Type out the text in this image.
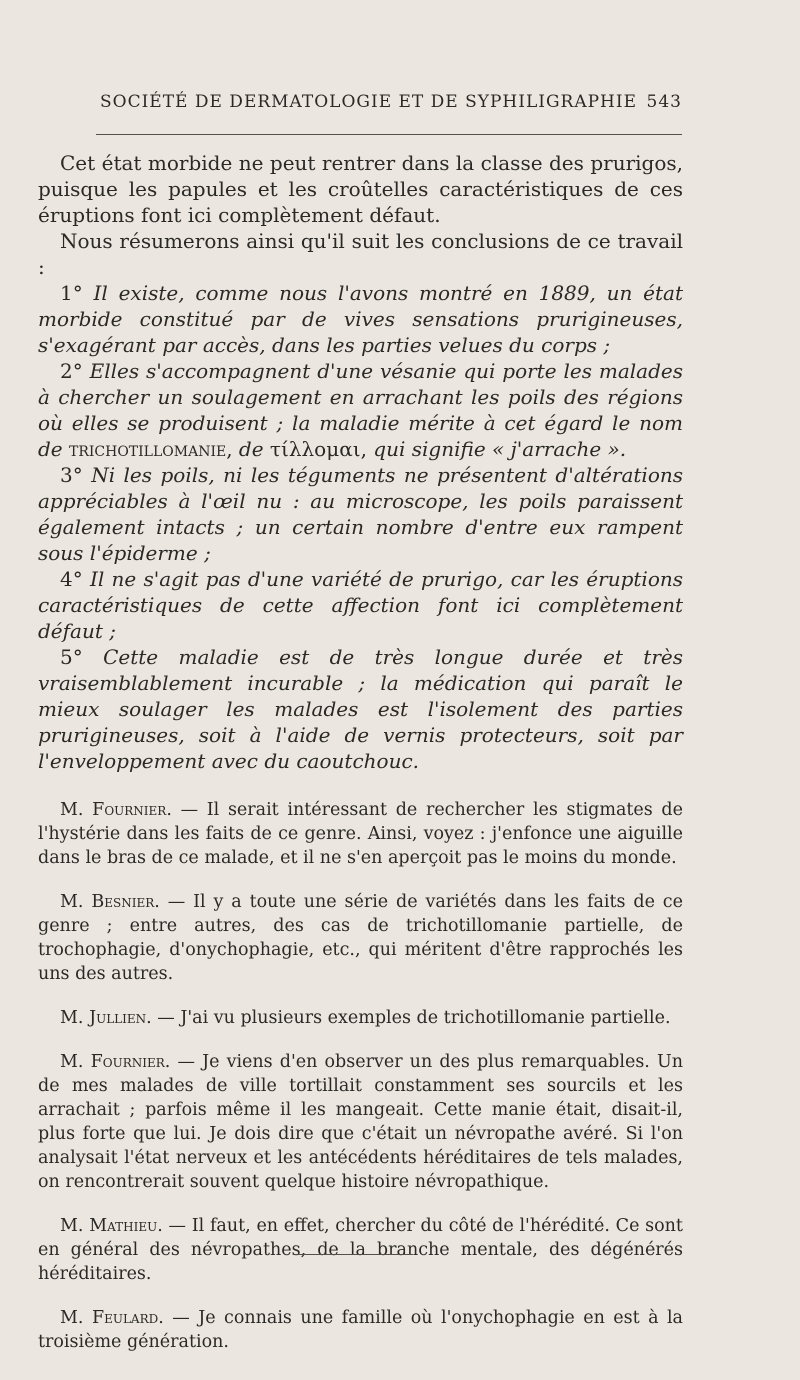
SOCIÉTÉ DE DERMATOLOGIE ET DE SYPHILIGRAPHIE 543

Cet état morbide ne peut rentrer dans la classe des prurigos, puisque les papules et les croûtelles caractéristiques de ces éruptions font ici complètement défaut.

Nous résumerons ainsi qu'il suit les conclusions de ce travail :

1° Il existe, comme nous l'avons montré en 1889, un état morbide constitué par de vives sensations prurigineuses, s'exagérant par accès, dans les parties velues du corps ;

2° Elles s'accompagnent d'une vésanie qui porte les malades à chercher un soulagement en arrachant les poils des régions où elles se produisent ; la maladie mérite à cet égard le nom de trichotillomanie, de τίλλομαι, qui signifie « j'arrache ».

3° Ni les poils, ni les téguments ne présentent d'altérations appréciables à l'œil nu : au microscope, les poils paraissent également intacts ; un certain nombre d'entre eux rampent sous l'épiderme ;

4° Il ne s'agit pas d'une variété de prurigo, car les éruptions caractéristiques de cette affection font ici complètement défaut ;

5° Cette maladie est de très longue durée et très vraisemblablement incurable ; la médication qui paraît le mieux soulager les malades est l'isolement des parties prurigineuses, soit à l'aide de vernis protecteurs, soit par l'enveloppement avec du caoutchouc.

M. Fournier. — Il serait intéressant de rechercher les stigmates de l'hystérie dans les faits de ce genre. Ainsi, voyez : j'enfonce une aiguille dans le bras de ce malade, et il ne s'en aperçoit pas le moins du monde.

M. Besnier. — Il y a toute une série de variétés dans les faits de ce genre ; entre autres, des cas de trichotillomanie partielle, de trochophagie, d'onychophagie, etc., qui méritent d'être rapprochés les uns des autres.

M. Jullien. — J'ai vu plusieurs exemples de trichotillomanie partielle.

M. Fournier. — Je viens d'en observer un des plus remarquables. Un de mes malades de ville tortillait constamment ses sourcils et les arrachait ; parfois même il les mangeait. Cette manie était, disait-il, plus forte que lui. Je dois dire que c'était un névropathe avéré. Si l'on analysait l'état nerveux et les antécédents héréditaires de tels malades, on rencontrerait souvent quelque histoire névropathique.

M. Mathieu. — Il faut, en effet, chercher du côté de l'hérédité. Ce sont en général des névropathes, de la branche mentale, des dégénérés héréditaires.

M. Feulard. — Je connais une famille où l'onychophagie en est à la troisième génération.
